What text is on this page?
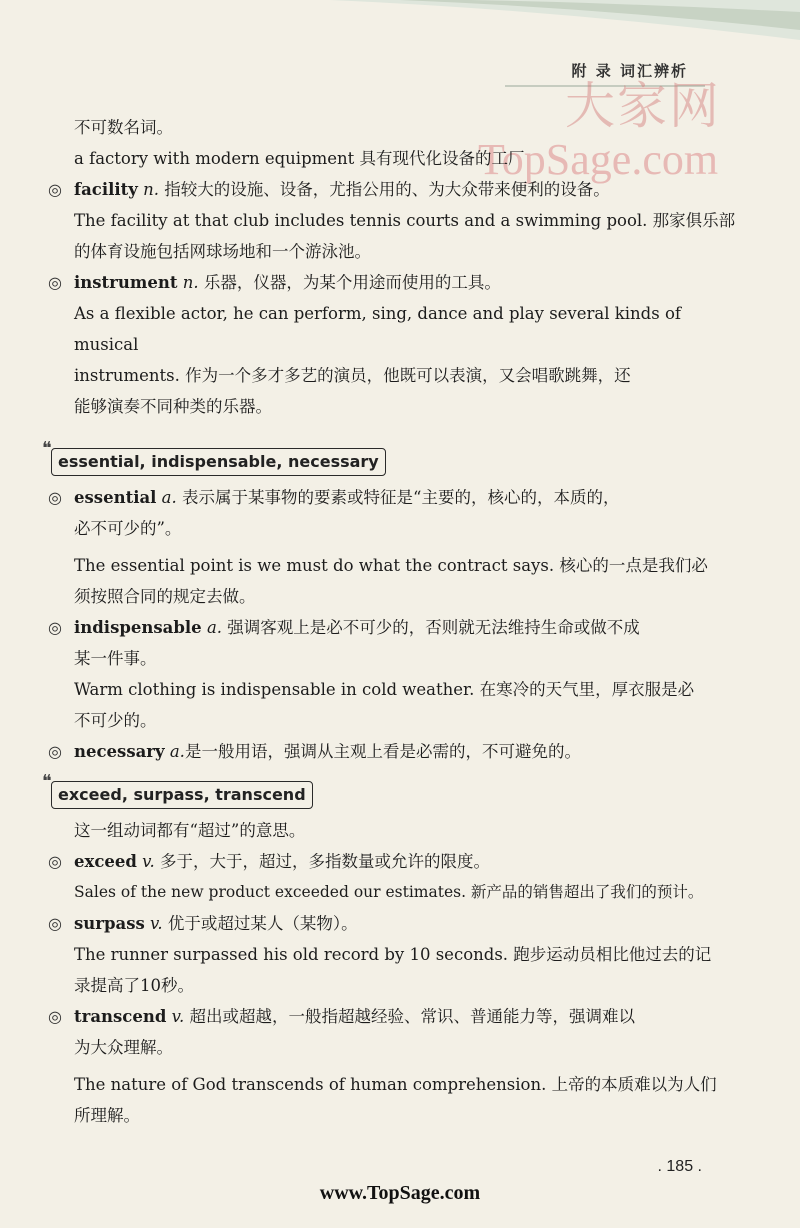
附 录 词汇辨析
大家网
TopSage.com
不可数名词。
a factory with modern equipment 具有现代化设备的工厂
◎ facility n. 指较大的设施、设备，尤指公用的、为大众带来便利的设备。
The facility at that club includes tennis courts and a swimming pool. 那家俱乐部
的体育设施包括网球场地和一个游泳池。
◎ instrument n. 乐器，仪器，为某个用途而使用的工具。
As a flexible actor, he can perform, sing, dance and play several kinds of musical
instruments. 作为一个多才多艺的演员，他既可以表演，又会唱歌跳舞，还
能够演奏不同种类的乐器。
❝
essential, indispensable, necessary
◎ essential a. 表示属于某事物的要素或特征是“主要的，核心的，本质的，
必不可少的”。
The essential point is we must do what the contract says. 核心的一点是我们必
须按照合同的规定去做。
◎ indispensable a. 强调客观上是必不可少的，否则就无法维持生命或做不成
某一件事。
Warm clothing is indispensable in cold weather. 在寒冷的天气里，厚衣服是必
不可少的。
◎ necessary a.是一般用语，强调从主观上看是必需的，不可避免的。
❝
exceed, surpass, transcend
这一组动词都有“超过”的意思。
◎ exceed v. 多于，大于，超过，多指数量或允许的限度。
Sales of the new product exceeded our estimates. 新产品的销售超出了我们的预计。
◎ surpass v. 优于或超过某人（某物）。
The runner surpassed his old record by 10 seconds. 跑步运动员相比他过去的记
录提高了10秒。
◎ transcend v. 超出或超越，一般指超越经验、常识、普通能力等，强调难以
为大众理解。
The nature of God transcends of human comprehension. 上帝的本质难以为人们
所理解。
. 185 .
www.TopSage.com
